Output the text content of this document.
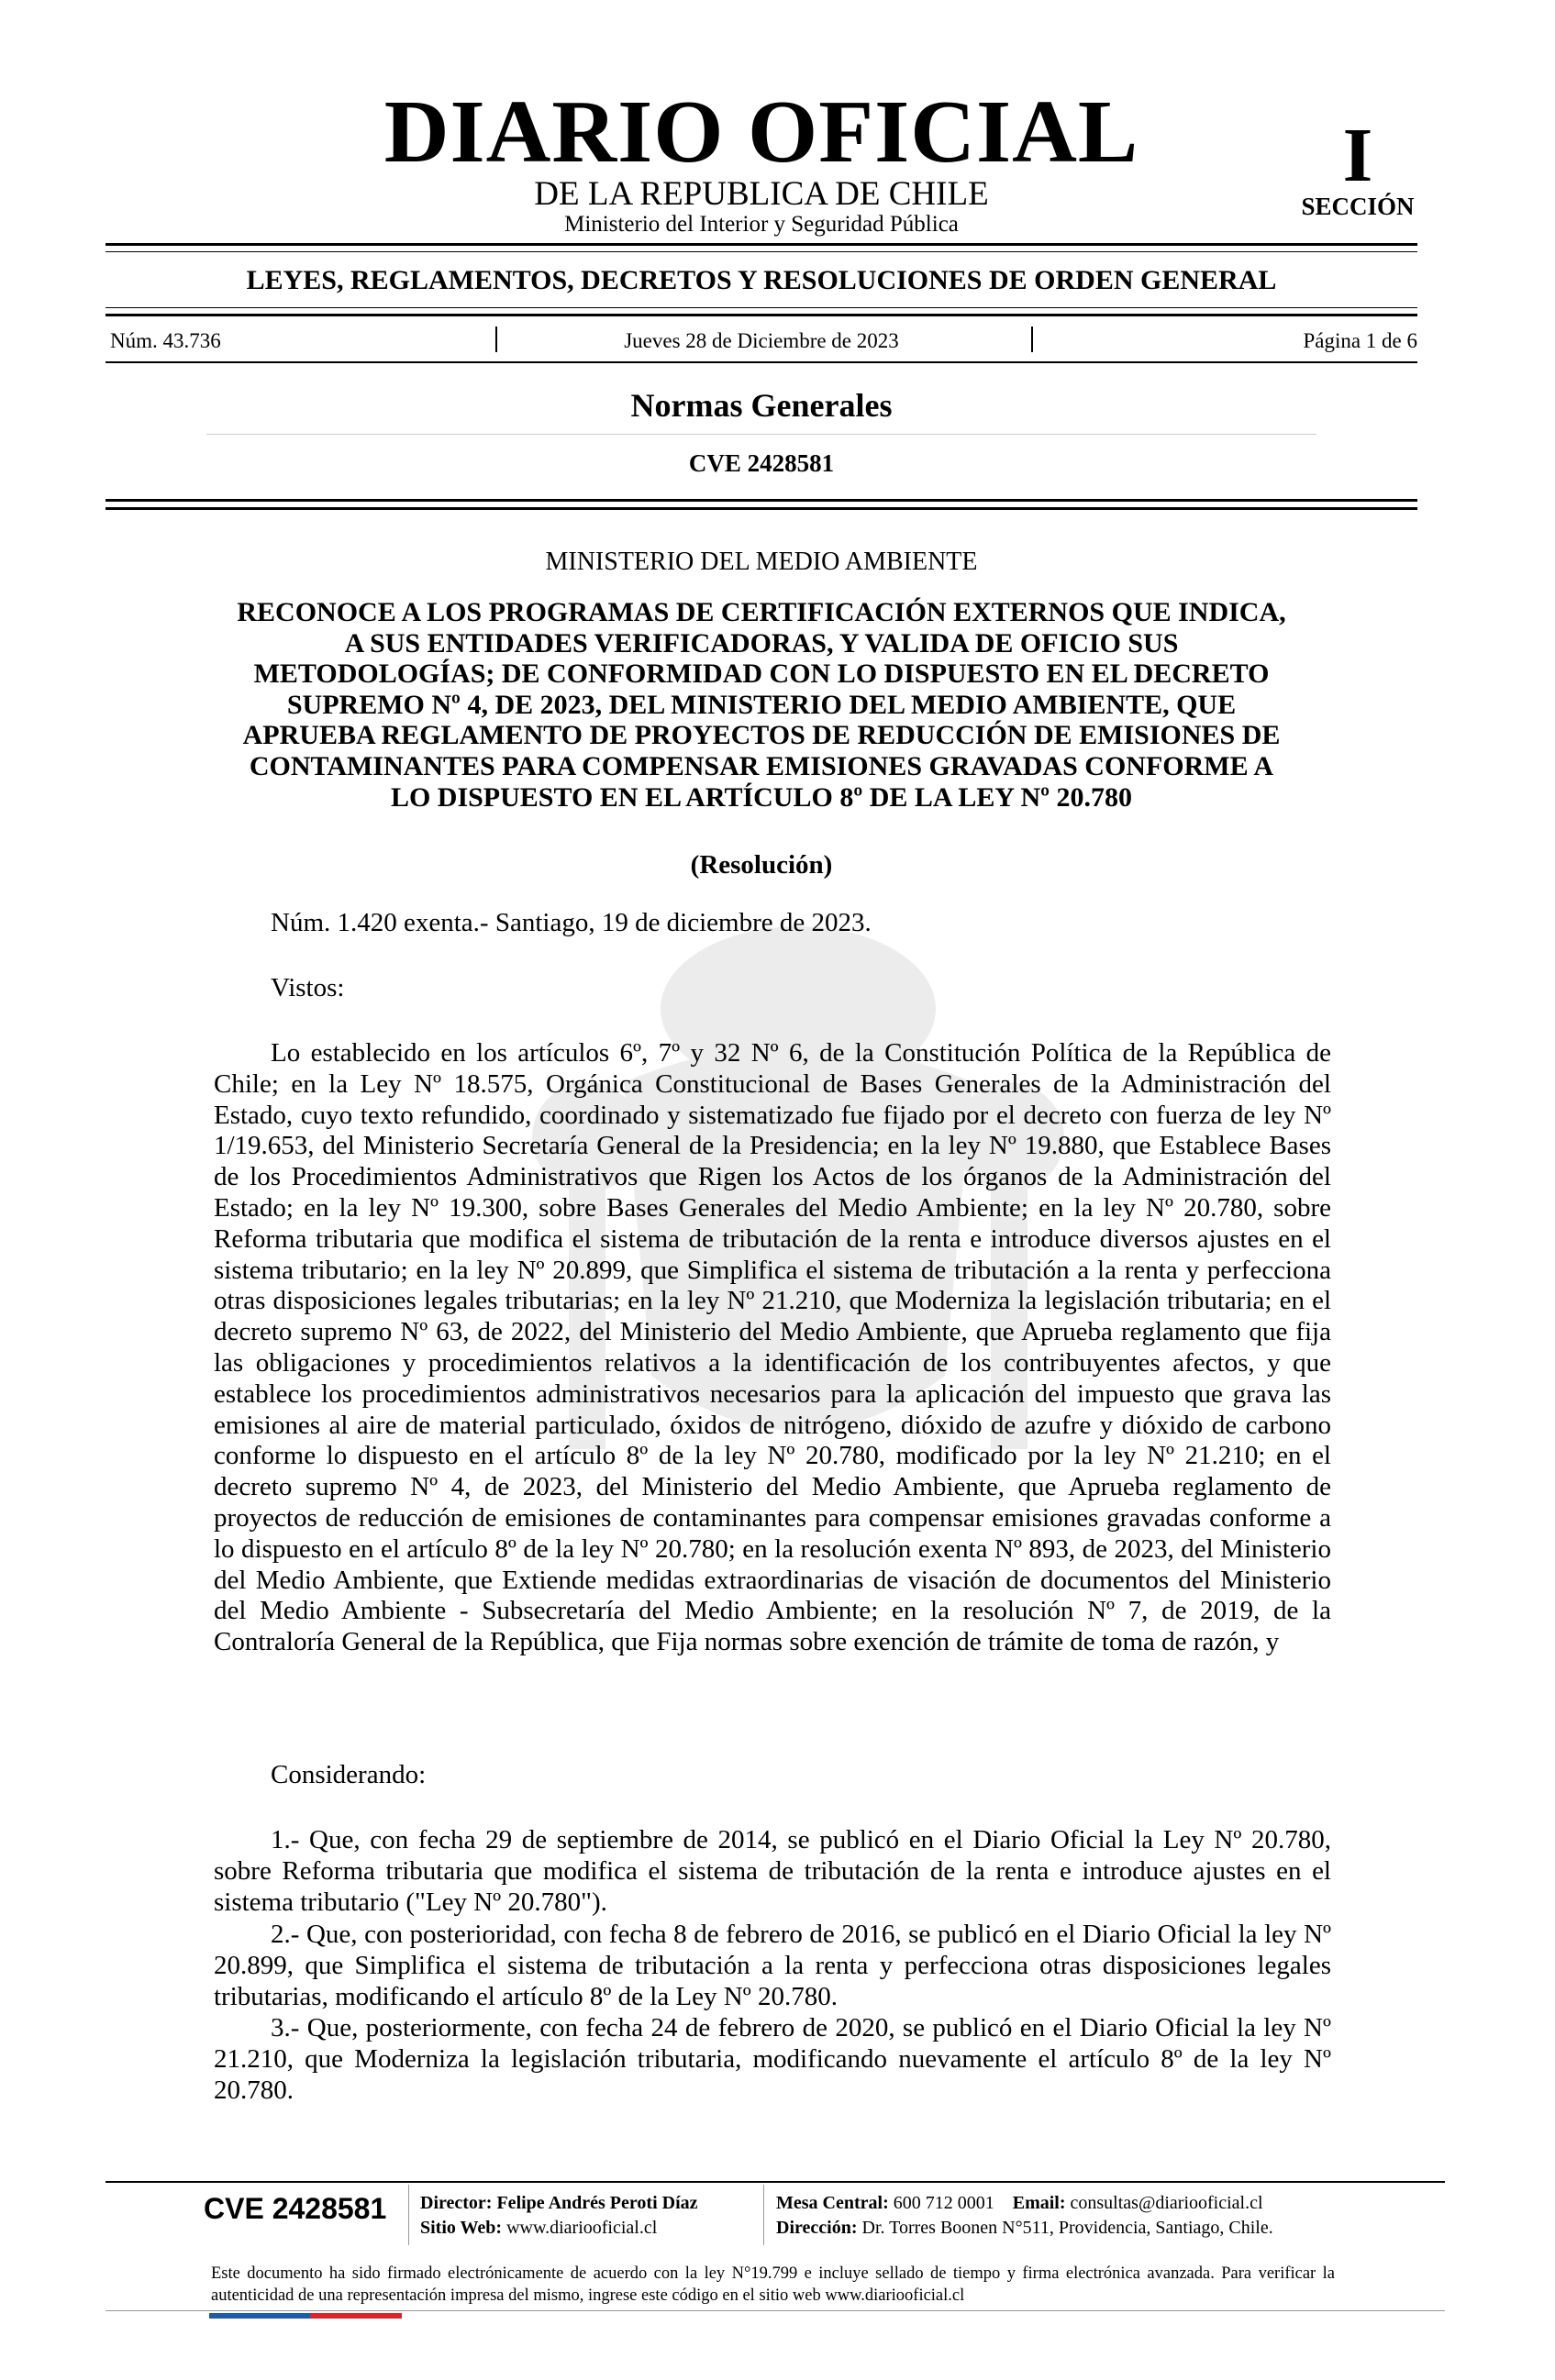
DIARIO OFICIAL
DE LA REPUBLICA DE CHILE
Ministerio del Interior y Seguridad Pública
I
SECCIÓN
LEYES, REGLAMENTOS, DECRETOS Y RESOLUCIONES DE ORDEN GENERAL
Núm. 43.736	Jueves 28 de Diciembre de 2023	Página 1 de 6
Normas Generales
CVE 2428581
MINISTERIO DEL MEDIO AMBIENTE
RECONOCE A LOS PROGRAMAS DE CERTIFICACIÓN EXTERNOS QUE INDICA,
A SUS ENTIDADES VERIFICADORAS, Y VALIDA DE OFICIO SUS
METODOLOGÍAS; DE CONFORMIDAD CON LO DISPUESTO EN EL DECRETO
SUPREMO Nº 4, DE 2023, DEL MINISTERIO DEL MEDIO AMBIENTE, QUE
APRUEBA REGLAMENTO DE PROYECTOS DE REDUCCIÓN DE EMISIONES DE
CONTAMINANTES PARA COMPENSAR EMISIONES GRAVADAS CONFORME A
LO DISPUESTO EN EL ARTÍCULO 8º DE LA LEY Nº 20.780
(Resolución)

Núm. 1.420 exenta.- Santiago, 19 de diciembre de 2023.

Vistos:

Lo establecido en los artículos 6º, 7º y 32 Nº 6, de la Constitución Política de la República de Chile; en la Ley Nº 18.575, Orgánica Constitucional de Bases Generales de la Administración del Estado, cuyo texto refundido, coordinado y sistematizado fue fijado por el decreto con fuerza de ley Nº 1/19.653, del Ministerio Secretaría General de la Presidencia; en la ley Nº 19.880, que Establece Bases de los Procedimientos Administrativos que Rigen los Actos de los órganos de la Administración del Estado; en la ley Nº 19.300, sobre Bases Generales del Medio Ambiente; en la ley Nº 20.780, sobre Reforma tributaria que modifica el sistema de tributación de la renta e introduce diversos ajustes en el sistema tributario; en la ley Nº 20.899, que Simplifica el sistema de tributación a la renta y perfecciona otras disposiciones legales tributarias; en la ley Nº 21.210, que Moderniza la legislación tributaria; en el decreto supremo Nº 63, de 2022, del Ministerio del Medio Ambiente, que Aprueba reglamento que fija las obligaciones y procedimientos relativos a la identificación de los contribuyentes afectos, y que establece los procedimientos administrativos necesarios para la aplicación del impuesto que grava las emisiones al aire de material particulado, óxidos de nitrógeno, dióxido de azufre y dióxido de carbono conforme lo dispuesto en el artículo 8º de la ley Nº 20.780, modificado por la ley Nº 21.210; en el decreto supremo Nº 4, de 2023, del Ministerio del Medio Ambiente, que Aprueba reglamento de proyectos de reducción de emisiones de contaminantes para compensar emisiones gravadas conforme a lo dispuesto en el artículo 8º de la ley Nº 20.780; en la resolución exenta Nº 893, de 2023, del Ministerio del Medio Ambiente, que Extiende medidas extraordinarias de visación de documentos del Ministerio del Medio Ambiente - Subsecretaría del Medio Ambiente; en la resolución Nº 7, de 2019, de la Contraloría General de la República, que Fija normas sobre exención de trámite de toma de razón, y

Considerando:

1.- Que, con fecha 29 de septiembre de 2014, se publicó en el Diario Oficial la Ley Nº 20.780, sobre Reforma tributaria que modifica el sistema de tributación de la renta e introduce ajustes en el sistema tributario ("Ley Nº 20.780").

2.- Que, con posterioridad, con fecha 8 de febrero de 2016, se publicó en el Diario Oficial la ley Nº 20.899, que Simplifica el sistema de tributación a la renta y perfecciona otras disposiciones legales tributarias, modificando el artículo 8º de la Ley Nº 20.780.

3.- Que, posteriormente, con fecha 24 de febrero de 2020, se publicó en el Diario Oficial la ley Nº 21.210, que Moderniza la legislación tributaria, modificando nuevamente el artículo 8º de la ley Nº 20.780.

CVE 2428581 Director: Felipe Andrés Peroti Díaz
Sitio Web: www.diariooficial.cl
Mesa Central: 600 712 0001 Email: consultas@diariooficial.cl
Dirección: Dr. Torres Boonen N°511, Providencia, Santiago, Chile.
Este documento ha sido firmado electrónicamente de acuerdo con la ley N°19.799 e incluye sellado de tiempo y firma electrónica avanzada. Para verificar la autenticidad de una representación impresa del mismo, ingrese este código en el sitio web www.diariooficial.cl
